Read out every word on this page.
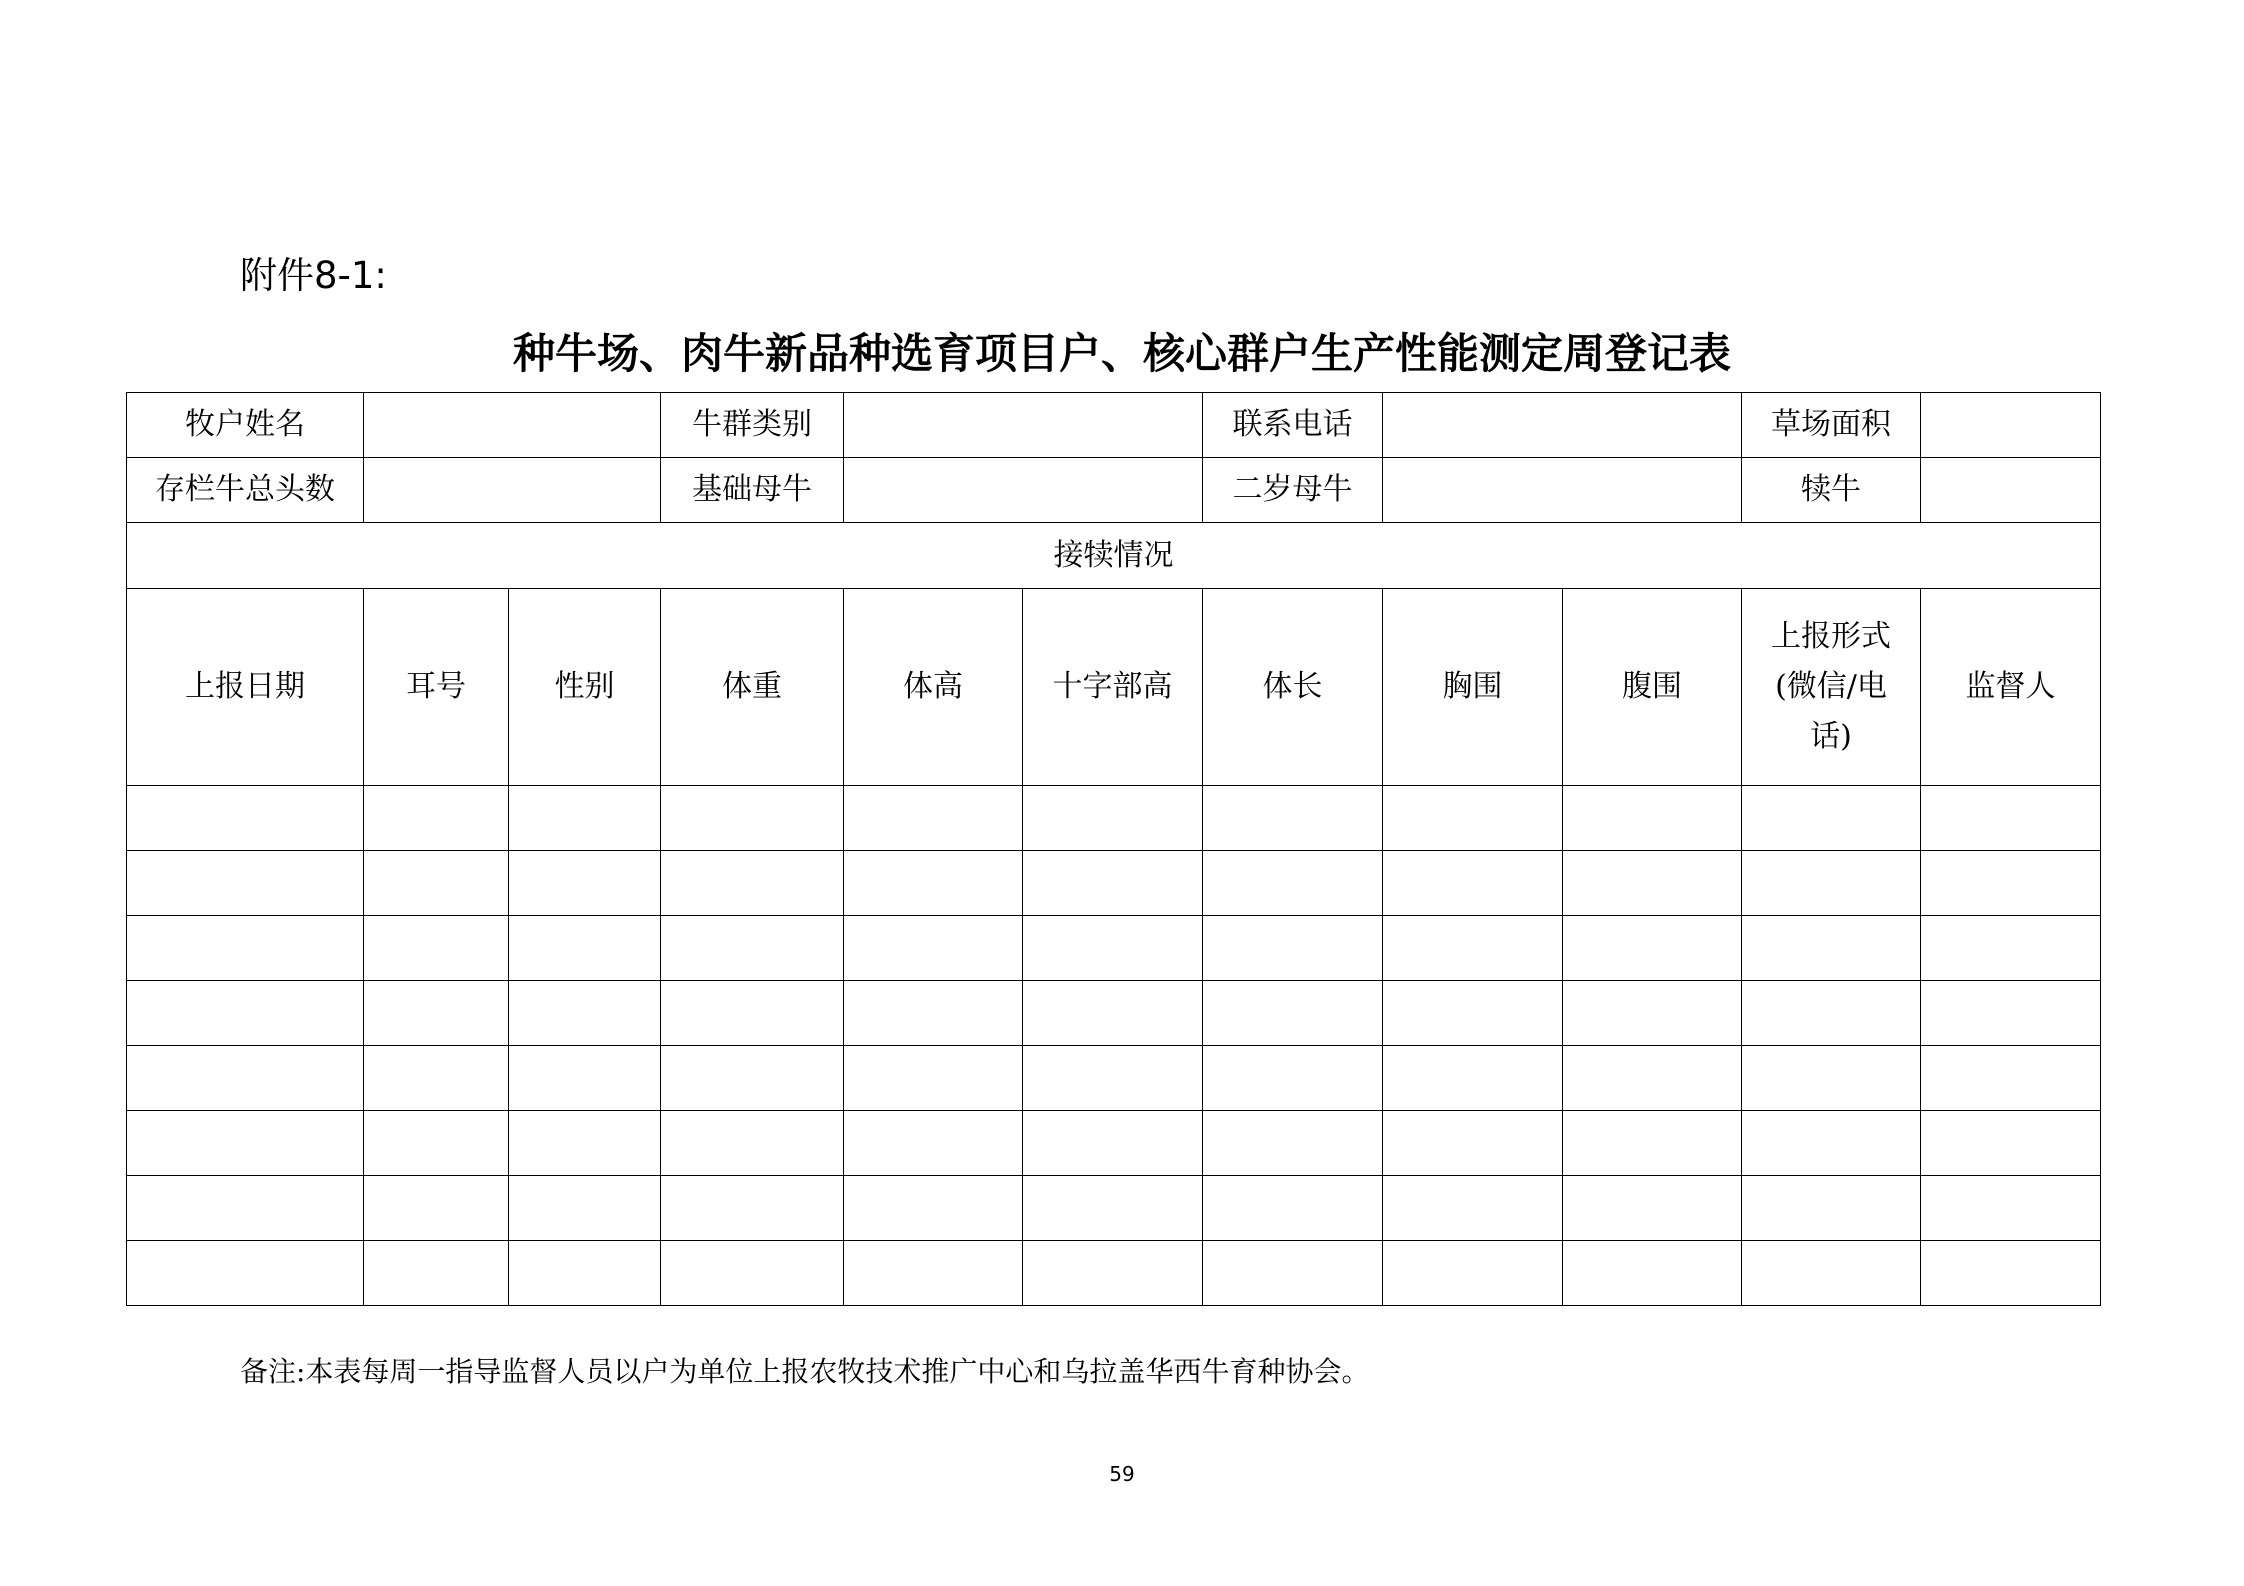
附件8-1:
种牛场、肉牛新品种选育项目户、核心群户生产性能测定周登记表
牧户姓名			牛群类别			联系电话			草场面积	
存栏牛总头数			基础母牛			二岁母牛			犊牛	
接犊情况										
上报日期	耳号	性别	体重	体高	十字部高	体长	胸围	腹围	上报形式
(微信/电
话)	监督人

备注:本表每周一指导监督人员以户为单位上报农牧技术推广中心和乌拉盖华西牛育种协会。
59
